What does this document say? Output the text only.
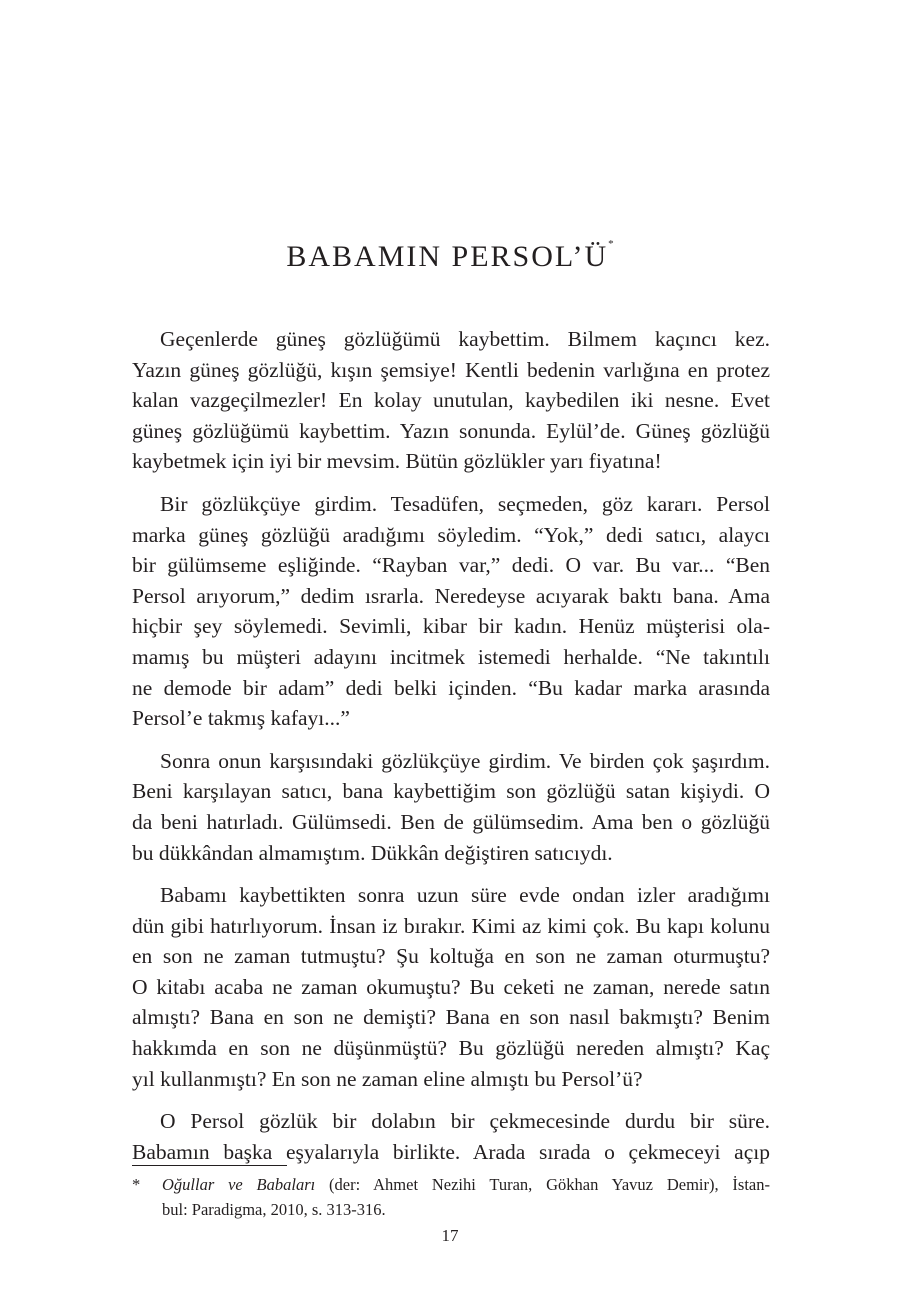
BABAMIN PERSOL’Ü*

Geçenlerde güneş gözlüğümü kaybettim. Bilmem kaçıncı kez.
Yazın güneş gözlüğü, kışın şemsiye! Kentli bedenin varlığına en protez
kalan vazgeçilmezler! En kolay unutulan, kaybedilen iki nesne. Evet
güneş gözlüğümü kaybettim. Yazın sonunda. Eylül’de. Güneş gözlüğü
kaybetmek için iyi bir mevsim. Bütün gözlükler yarı fiyatına!

Bir gözlükçüye girdim. Tesadüfen, seçmeden, göz kararı. Persol
marka güneş gözlüğü aradığımı söyledim. “Yok,” dedi satıcı, alaycı
bir gülümseme eşliğinde. “Rayban var,” dedi. O var. Bu var... “Ben
Persol arıyorum,” dedim ısrarla. Neredeyse acıyarak baktı bana. Ama
hiçbir şey söylemedi. Sevimli, kibar bir kadın. Henüz müşterisi ola-
mamış bu müşteri adayını incitmek istemedi herhalde. “Ne takıntılı
ne demode bir adam” dedi belki içinden. “Bu kadar marka arasında
Persol’e takmış kafayı...”

Sonra onun karşısındaki gözlükçüye girdim. Ve birden çok şaşırdım.
Beni karşılayan satıcı, bana kaybettiğim son gözlüğü satan kişiydi. O
da beni hatırladı. Gülümsedi. Ben de gülümsedim. Ama ben o gözlüğü
bu dükkândan almamıştım. Dükkân değiştiren satıcıydı.

Babamı kaybettikten sonra uzun süre evde ondan izler aradığımı
dün gibi hatırlıyorum. İnsan iz bırakır. Kimi az kimi çok. Bu kapı kolunu
en son ne zaman tutmuştu? Şu koltuğa en son ne zaman oturmuştu?
O kitabı acaba ne zaman okumuştu? Bu ceketi ne zaman, nerede satın
almıştı? Bana en son ne demişti? Bana en son nasıl bakmıştı? Benim
hakkımda en son ne düşünmüştü? Bu gözlüğü nereden almıştı? Kaç
yıl kullanmıştı? En son ne zaman eline almıştı bu Persol’ü?

O Persol gözlük bir dolabın bir çekmecesinde durdu bir süre.
Babamın başka eşyalarıyla birlikte. Arada sırada o çekmeceyi açıp

* Oğullar ve Babaları (der: Ahmet Nezihi Turan, Gökhan Yavuz Demir), İstan-
bul: Paradigma, 2010, s. 313-316.
17
